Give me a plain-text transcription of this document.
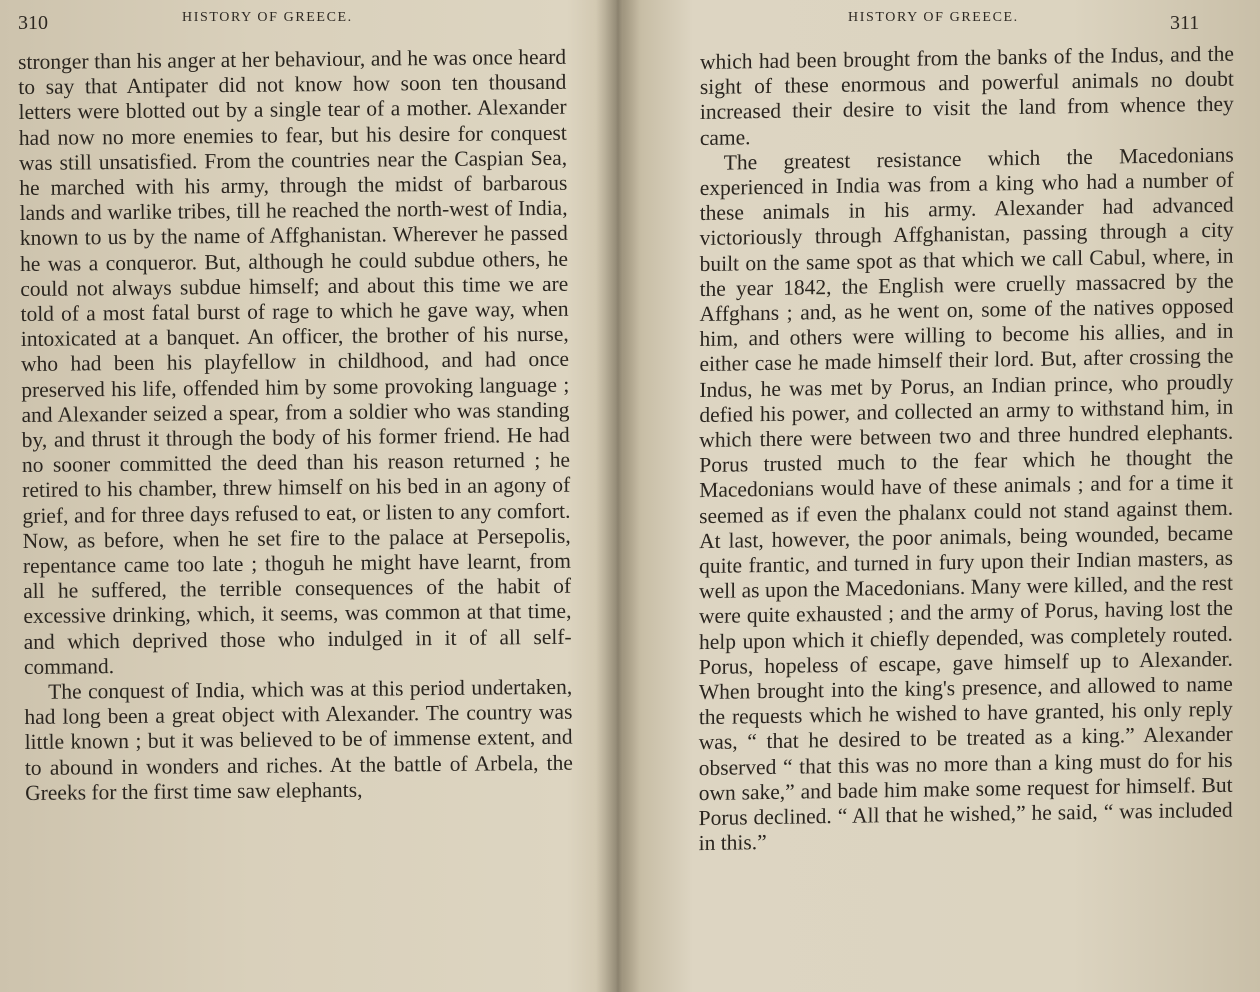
310	HISTORY OF GREECE.

stronger than his anger at her behaviour, and he was once heard to say that Antipater did not know how soon ten thousand letters were blotted out by a single tear of a mother. Alexander had now no more enemies to fear, but his desire for conquest was still unsatisfied. From the countries near the Caspian Sea, he marched with his army, through the midst of barbarous lands and warlike tribes, till he reached the north-west of India, known to us by the name of Affghanistan. Wherever he passed he was a conqueror. But, although he could subdue others, he could not always subdue himself; and about this time we are told of a most fatal burst of rage to which he gave way, when intoxicated at a banquet. An officer, the brother of his nurse, who had been his playfellow in childhood, and had once preserved his life, offended him by some provoking language ; and Alexander seized a spear, from a soldier who was standing by, and thrust it through the body of his former friend. He had no sooner committed the deed than his reason returned ; he retired to his chamber, threw himself on his bed in an agony of grief, and for three days refused to eat, or listen to any comfort. Now, as before, when he set fire to the palace at Persepolis, repentance came too late ; thoguh he might have learnt, from all he suffered, the terrible consequences of the habit of excessive drinking, which, it seems, was common at that time, and which deprived those who indulged in it of all self-command.

The conquest of India, which was at this period undertaken, had long been a great object with Alexander. The country was little known ; but it was believed to be of immense extent, and to abound in wonders and riches. At the battle of Arbela, the Greeks for the first time saw elephants,

HISTORY OF GREECE.	311

which had been brought from the banks of the Indus, and the sight of these enormous and powerful animals no doubt increased their desire to visit the land from whence they came.

The greatest resistance which the Macedonians experienced in India was from a king who had a number of these animals in his army. Alexander had advanced victoriously through Affghanistan, passing through a city built on the same spot as that which we call Cabul, where, in the year 1842, the English were cruelly massacred by the Affghans ; and, as he went on, some of the natives opposed him, and others were willing to become his allies, and in either case he made himself their lord. But, after crossing the Indus, he was met by Porus, an Indian prince, who proudly defied his power, and collected an army to withstand him, in which there were between two and three hundred elephants. Porus trusted much to the fear which he thought the Macedonians would have of these animals ; and for a time it seemed as if even the phalanx could not stand against them. At last, however, the poor animals, being wounded, became quite frantic, and turned in fury upon their Indian masters, as well as upon the Macedonians. Many were killed, and the rest were quite exhausted ; and the army of Porus, having lost the help upon which it chiefly depended, was completely routed. Porus, hopeless of escape, gave himself up to Alexander. When brought into the king's presence, and allowed to name the requests which he wished to have granted, his only reply was, “ that he desired to be treated as a king.” Alexander observed “ that this was no more than a king must do for his own sake,” and bade him make some request for himself. But Porus declined. “ All that he wished,” he said, “ was included in this.”
